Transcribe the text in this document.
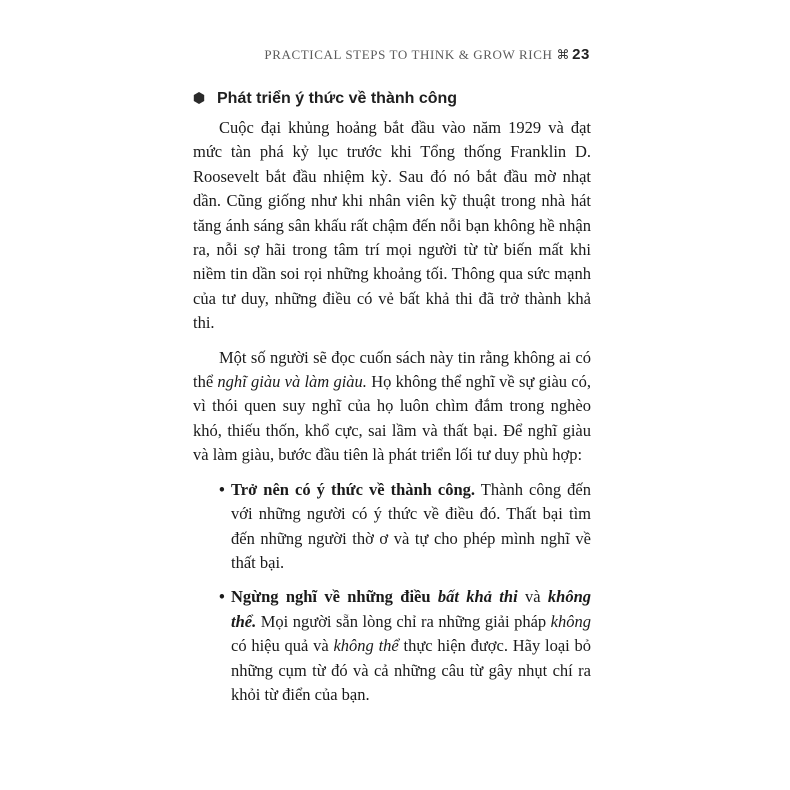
PRACTICAL STEPS TO THINK & GROW RICH ⌘ 23
Phát triển ý thức về thành công

Cuộc đại khủng hoảng bắt đầu vào năm 1929 và đạt mức tàn phá kỷ lục trước khi Tổng thống Franklin D. Roosevelt bắt đầu nhiệm kỳ. Sau đó nó bắt đầu mờ nhạt dần. Cũng giống như khi nhân viên kỹ thuật trong nhà hát tăng ánh sáng sân khấu rất chậm đến nỗi bạn không hề nhận ra, nỗi sợ hãi trong tâm trí mọi người từ từ biến mất khi niềm tin dần soi rọi những khoảng tối. Thông qua sức mạnh của tư duy, những điều có vẻ bất khả thi đã trở thành khả thi.

Một số người sẽ đọc cuốn sách này tin rằng không ai có thể nghĩ giàu và làm giàu. Họ không thể nghĩ về sự giàu có, vì thói quen suy nghĩ của họ luôn chìm đắm trong nghèo khó, thiếu thốn, khổ cực, sai lầm và thất bại. Để nghĩ giàu và làm giàu, bước đầu tiên là phát triển lối tư duy phù hợp:

• Trở nên có ý thức về thành công. Thành công đến với những người có ý thức về điều đó. Thất bại tìm đến những người thờ ơ và tự cho phép mình nghĩ về thất bại.
• Ngừng nghĩ về những điều bất khả thi và không thể. Mọi người sẵn lòng chỉ ra những giải pháp không có hiệu quả và không thể thực hiện được. Hãy loại bỏ những cụm từ đó và cả những câu từ gây nhụt chí ra khỏi từ điển của bạn.
